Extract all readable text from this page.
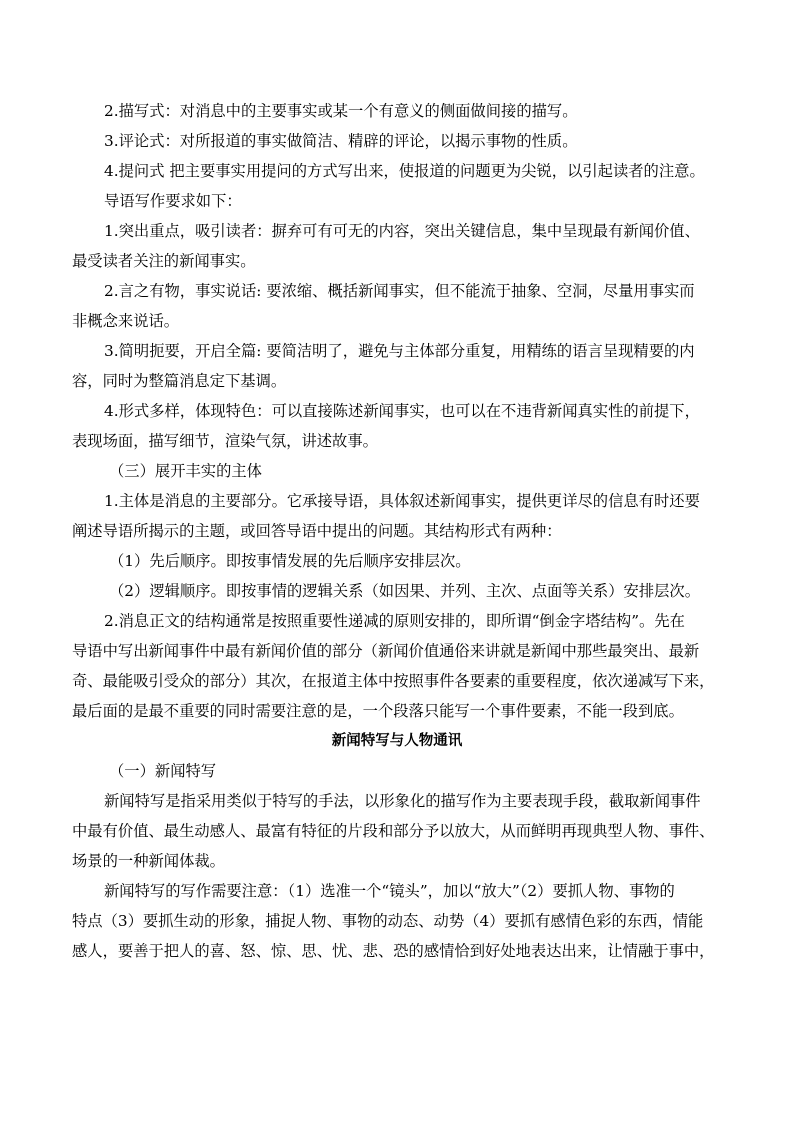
2.描写式：对消息中的主要事实或某一个有意义的侧面做间接的描写。
3.评论式：对所报道的事实做简洁、精辟的评论，以揭示事物的性质。
4.提问式 把主要事实用提问的方式写出来，使报道的问题更为尖锐，以引起读者的注意。
导语写作要求如下：
1.突出重点，吸引读者：摒弃可有可无的内容，突出关键信息，集中呈现最有新闻价值、
最受读者关注的新闻事实。
2.言之有物，事实说话: 要浓缩、概括新闻事实，但不能流于抽象、空洞，尽量用事实而
非概念来说话。
3.简明扼要，开启全篇: 要简洁明了，避免与主体部分重复，用精练的语言呈现精要的内
容，同时为整篇消息定下基调。
4.形式多样，体现特色：可以直接陈述新闻事实，也可以在不违背新闻真实性的前提下，
表现场面，描写细节，渲染气氛，讲述故事。
（三）展开丰实的主体
1.主体是消息的主要部分。它承接导语，具体叙述新闻事实，提供更详尽的信息有时还要
阐述导语所揭示的主题，或回答导语中提出的问题。其结构形式有两种：
（1）先后顺序。即按事情发展的先后顺序安排层次。
（2）逻辑顺序。即按事情的逻辑关系（如因果、并列、主次、点面等关系）安排层次。
2.消息正文的结构通常是按照重要性递减的原则安排的，即所谓“倒金字塔结构”。先在
导语中写出新闻事件中最有新闻价值的部分（新闻价值通俗来讲就是新闻中那些最突出、最新
奇、最能吸引受众的部分）其次，在报道主体中按照事件各要素的重要程度，依次递减写下来，
最后面的是最不重要的同时需要注意的是，一个段落只能写一个事件要素，不能一段到底。
新闻特写与人物通讯
（一）新闻特写
新闻特写是指采用类似于特写的手法，以形象化的描写作为主要表现手段，截取新闻事件
中最有价值、最生动感人、最富有特征的片段和部分予以放大，从而鲜明再现典型人物、事件、
场景的一种新闻体裁。
新闻特写的写作需要注意：（1）选准一个“镜头”，加以“放大”（2）要抓人物、事物的
特点（3）要抓生动的形象，捕捉人物、事物的动态、动势（4）要抓有感情色彩的东西，情能
感人，要善于把人的喜、怒、惊、思、忧、悲、恐的感情恰到好处地表达出来，让情融于事中，
